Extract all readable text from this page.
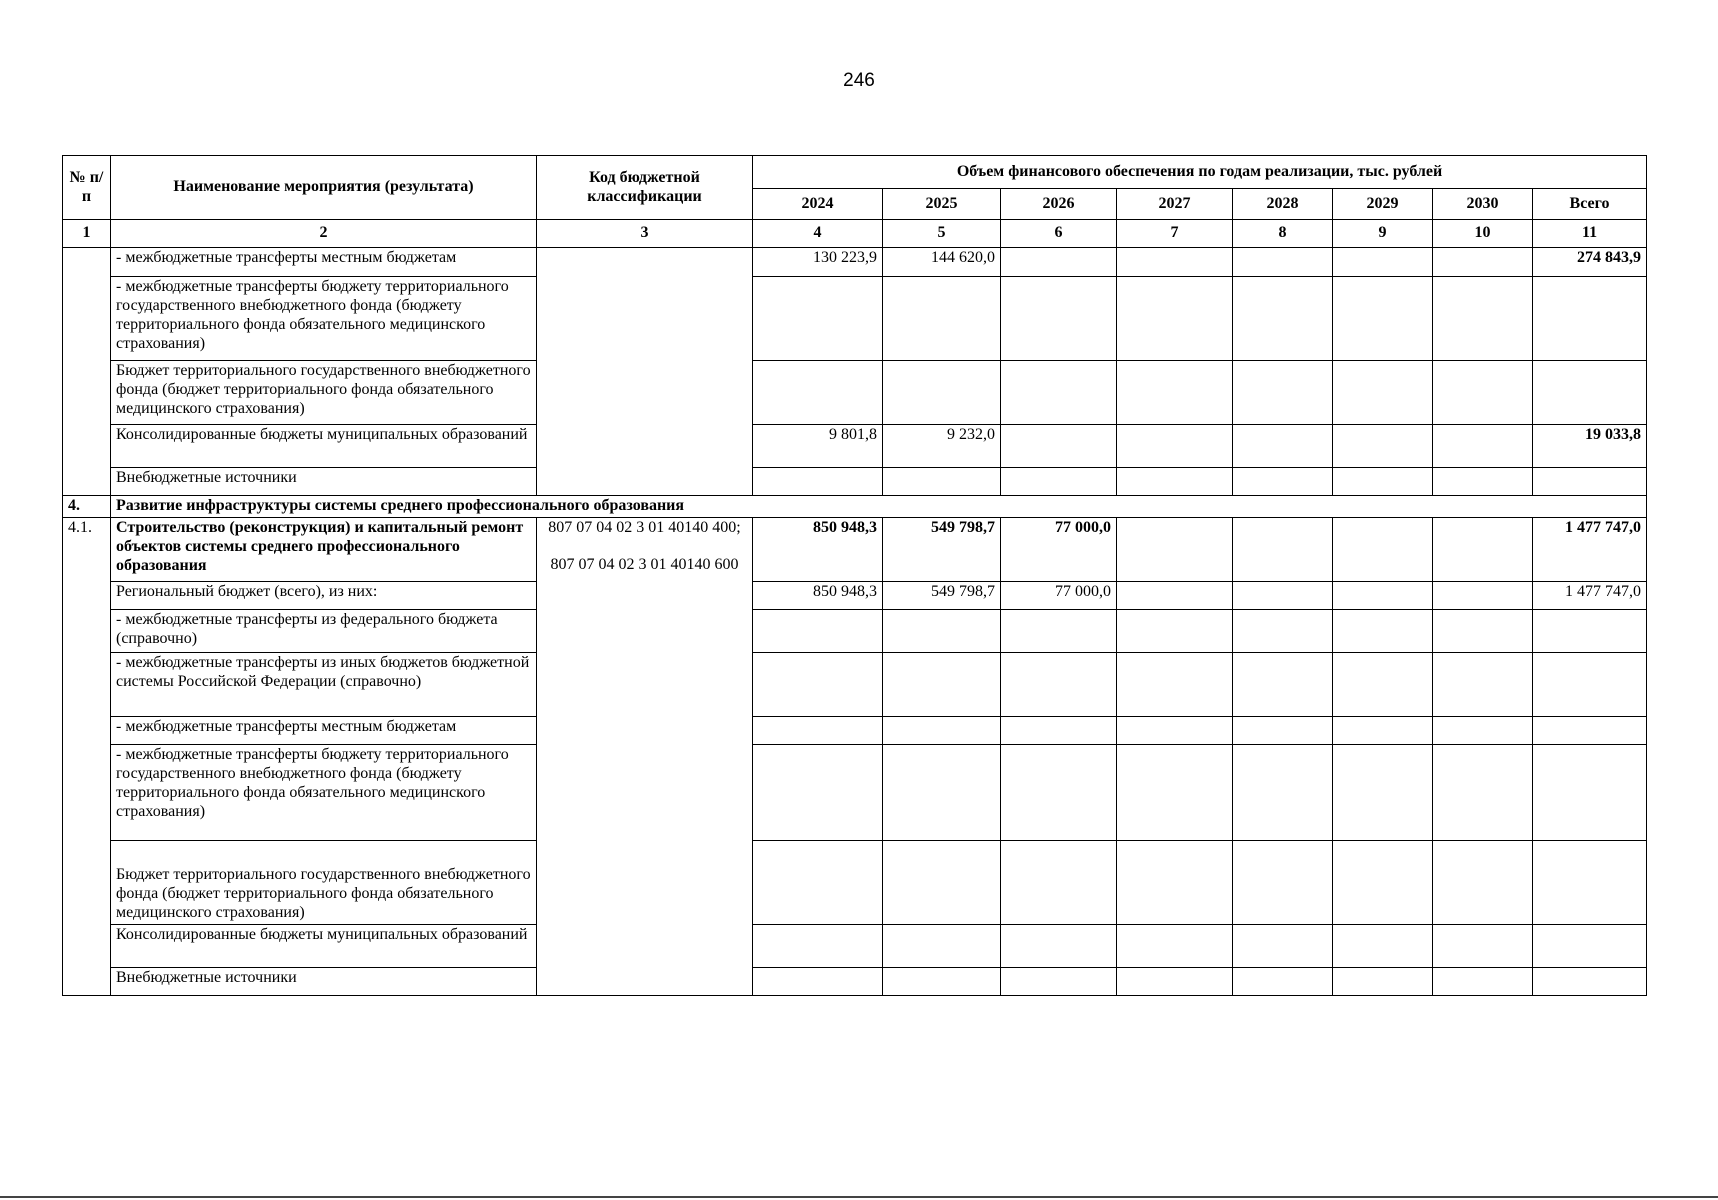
246
№ п/п	Наименование мероприятия (результата)	Код бюджетной классификации	Объем финансового обеспечения по годам реализации, тыс. рублей							
			2024	2025	2026	2027	2028	2029	2030	Всего
1	2	3	4	5	6	7	8	9	10	11
	- межбюджетные трансферты местным бюджетам		130 223,9	144 620,0						274 843,9
	- межбюджетные трансферты бюджету территориального государственного внебюджетного фонда (бюджету территориального фонда обязательного медицинского страхования)									
	Бюджет территориального государственного внебюджетного фонда (бюджет территориального фонда обязательного медицинского страхования)									
	Консолидированные бюджеты муниципальных образований		9 801,8	9 232,0						19 033,8
	Внебюджетные источники									
4.	Развитие инфраструктуры системы среднего профессионального образования									
4.1.	Строительство (реконструкция) и капитальный ремонт объектов системы среднего профессионального образования	807 07 04 02 3 01 40140 400;
807 07 04 02 3 01 40140 600	850 948,3	549 798,7	77 000,0					1 477 747,0
	Региональный бюджет (всего), из них:		850 948,3	549 798,7	77 000,0					1 477 747,0
	- межбюджетные трансферты из федерального бюджета (справочно)									
	- межбюджетные трансферты из иных бюджетов бюджетной системы Российской Федерации (справочно)									
	- межбюджетные трансферты местным бюджетам									
	- межбюджетные трансферты бюджету территориального государственного внебюджетного фонда (бюджету территориального фонда обязательного медицинского страхования)									
	Бюджет территориального государственного внебюджетного фонда (бюджет территориального фонда обязательного медицинского страхования)									
	Консолидированные бюджеты муниципальных образований									
	Внебюджетные источники									
